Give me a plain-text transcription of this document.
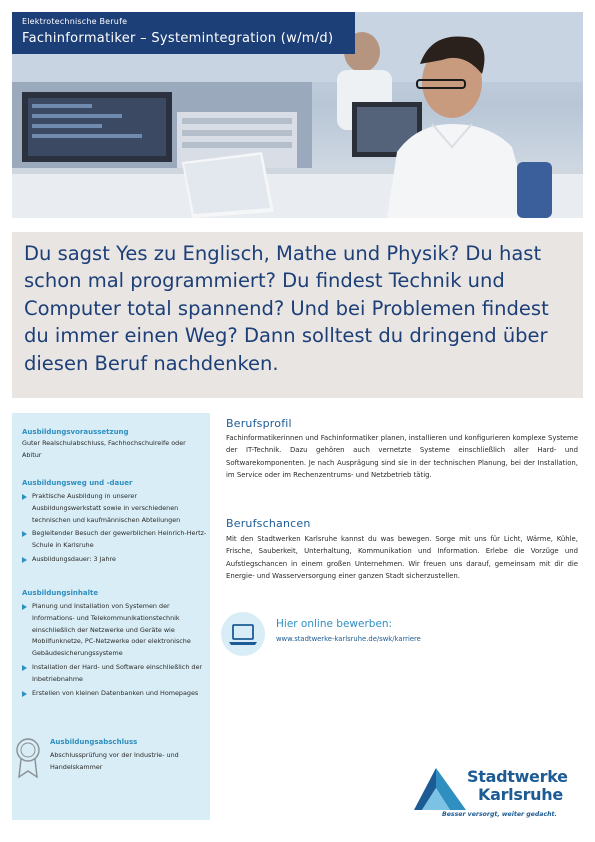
Elektrotechnische Berufe
Fachinformatiker – Systemintegration (w/m/d)

Du sagst Yes zu Englisch, Mathe und Physik? Du hast schon mal programmiert? Du findest Technik und Computer total spannend? Und bei Problemen findest du immer einen Weg? Dann solltest du dringend über diesen Beruf nachdenken.

Ausbildungsvoraussetzung
Guter Realschulabschluss, Fachhochschulreife oder Abitur
Ausbildungsweg und -dauer
Praktische Ausbildung in unserer Ausbildungswerkstatt sowie in verschiedenen technischen und kaufmännischen Abteilungen
Begleitender Besuch der gewerblichen Heinrich-Hertz-Schule in Karlsruhe
Ausbildungsdauer: 3 Jahre
Ausbildungsinhalte
Planung und Installation von Systemen der Informations- und Telekommunikationstechnik einschließlich der Netzwerke und Geräte wie Mobilfunknetze, PC-Netzwerke oder elektronische Gebäudesicherungssysteme
Installation der Hard- und Software einschließlich der Inbetriebnahme
Erstellen von kleinen Datenbanken und Homepages
Ausbildungsabschluss
Abschlussprüfung vor der Industrie- und Handelskammer
Berufsprofil
Fachinformatikerinnen und Fachinformatiker planen, installieren und konfigurieren komplexe Systeme der IT-Technik. Dazu gehören auch vernetzte Systeme einschließlich aller Hard- und Softwarekomponenten. Je nach Ausprägung sind sie in der technischen Planung, bei der Installation, im Service oder im Rechenzentrums- und Netzbetrieb tätig.
Berufschancen
Mit den Stadtwerken Karlsruhe kannst du was bewegen. Sorge mit uns für Licht, Wärme, Kühle, Frische, Sauberkeit, Unterhaltung, Kommunikation und Information. Erlebe die Vorzüge und Aufstiegschancen in einem großen Unternehmen. Wir freuen uns darauf, gemeinsam mit dir die Energie- und Wasserversorgung einer ganzen Stadt sicherzustellen.
Hier online bewerben:
www.stadtwerke-karlsruhe.de/swk/karriere
Stadtwerke
Karlsruhe
Besser versorgt, weiter gedacht.
